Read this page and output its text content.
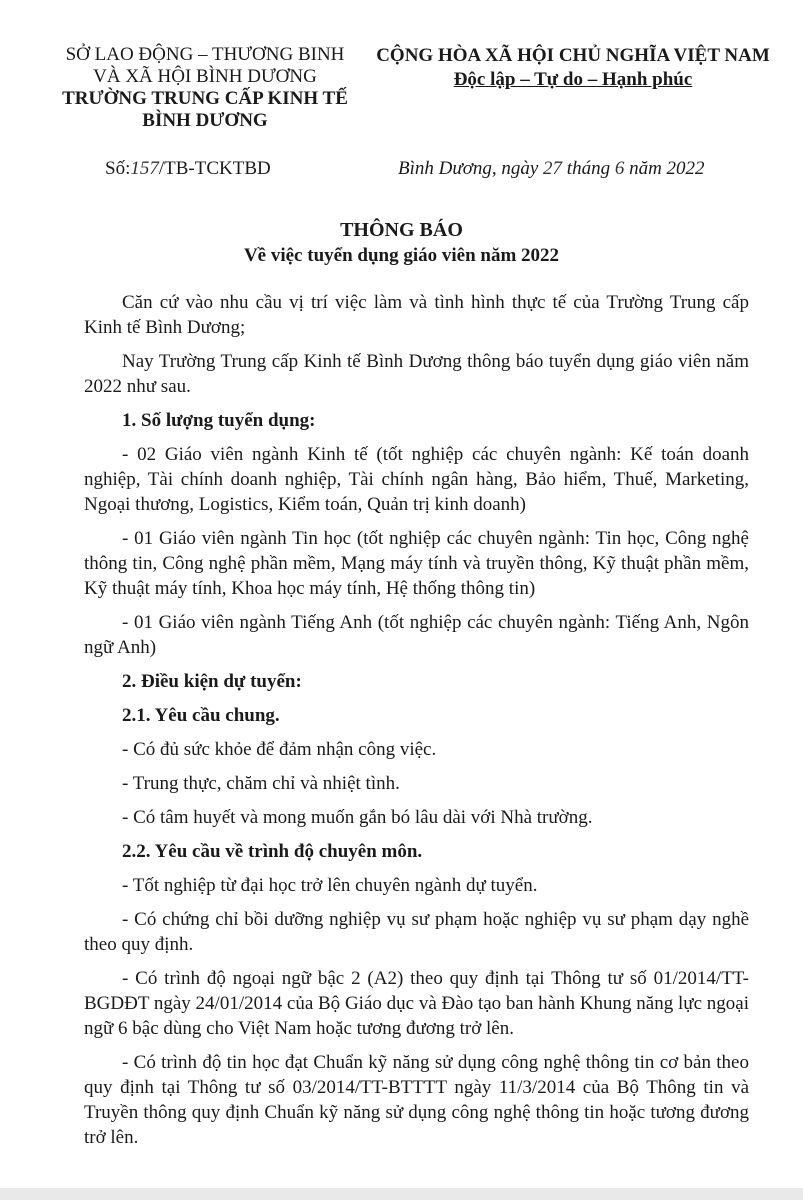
SỞ LAO ĐỘNG – THƯƠNG BINH
VÀ XÃ HỘI BÌNH DƯƠNG
TRƯỜNG TRUNG CẤP KINH TẾ
BÌNH DƯƠNG
CỘNG HÒA XÃ HỘI CHỦ NGHĨA VIỆT NAM
Độc lập – Tự do – Hạnh phúc
Số:157/TB-TCKTBD	Bình Dương, ngày 27 tháng 6 năm 2022
THÔNG BÁO
Về việc tuyển dụng giáo viên năm 2022

Căn cứ vào nhu cầu vị trí việc làm và tình hình thực tế của Trường Trung cấp Kinh tế Bình Dương;

Nay Trường Trung cấp Kinh tế Bình Dương thông báo tuyển dụng giáo viên năm 2022 như sau.

1. Số lượng tuyển dụng:

- 02 Giáo viên ngành Kinh tế (tốt nghiệp các chuyên ngành: Kế toán doanh nghiệp, Tài chính doanh nghiệp, Tài chính ngân hàng, Bảo hiểm, Thuế, Marketing, Ngoại thương, Logistics, Kiểm toán, Quản trị kinh doanh)

- 01 Giáo viên ngành Tin học (tốt nghiệp các chuyên ngành: Tin học, Công nghệ thông tin, Công nghệ phần mềm, Mạng máy tính và truyền thông, Kỹ thuật phần mềm, Kỹ thuật máy tính, Khoa học máy tính, Hệ thống thông tin)

- 01 Giáo viên ngành Tiếng Anh (tốt nghiệp các chuyên ngành: Tiếng Anh, Ngôn ngữ Anh)

2. Điều kiện dự tuyển:

2.1. Yêu cầu chung.

- Có đủ sức khỏe để đảm nhận công việc.

- Trung thực, chăm chỉ và nhiệt tình.

- Có tâm huyết và mong muốn gắn bó lâu dài với Nhà trường.

2.2. Yêu cầu về trình độ chuyên môn.

- Tốt nghiệp từ đại học trở lên chuyên ngành dự tuyển.

- Có chứng chỉ bồi dưỡng nghiệp vụ sư phạm hoặc nghiệp vụ sư phạm dạy nghề theo quy định.

- Có trình độ ngoại ngữ bậc 2 (A2) theo quy định tại Thông tư số 01/2014/TT-BGDĐT ngày 24/01/2014 của Bộ Giáo dục và Đào tạo ban hành Khung năng lực ngoại ngữ 6 bậc dùng cho Việt Nam hoặc tương đương trở lên.

- Có trình độ tin học đạt Chuẩn kỹ năng sử dụng công nghệ thông tin cơ bản theo quy định tại Thông tư số 03/2014/TT-BTTTT ngày 11/3/2014 của Bộ Thông tin và Truyền thông quy định Chuẩn kỹ năng sử dụng công nghệ thông tin hoặc tương đương trở lên.
